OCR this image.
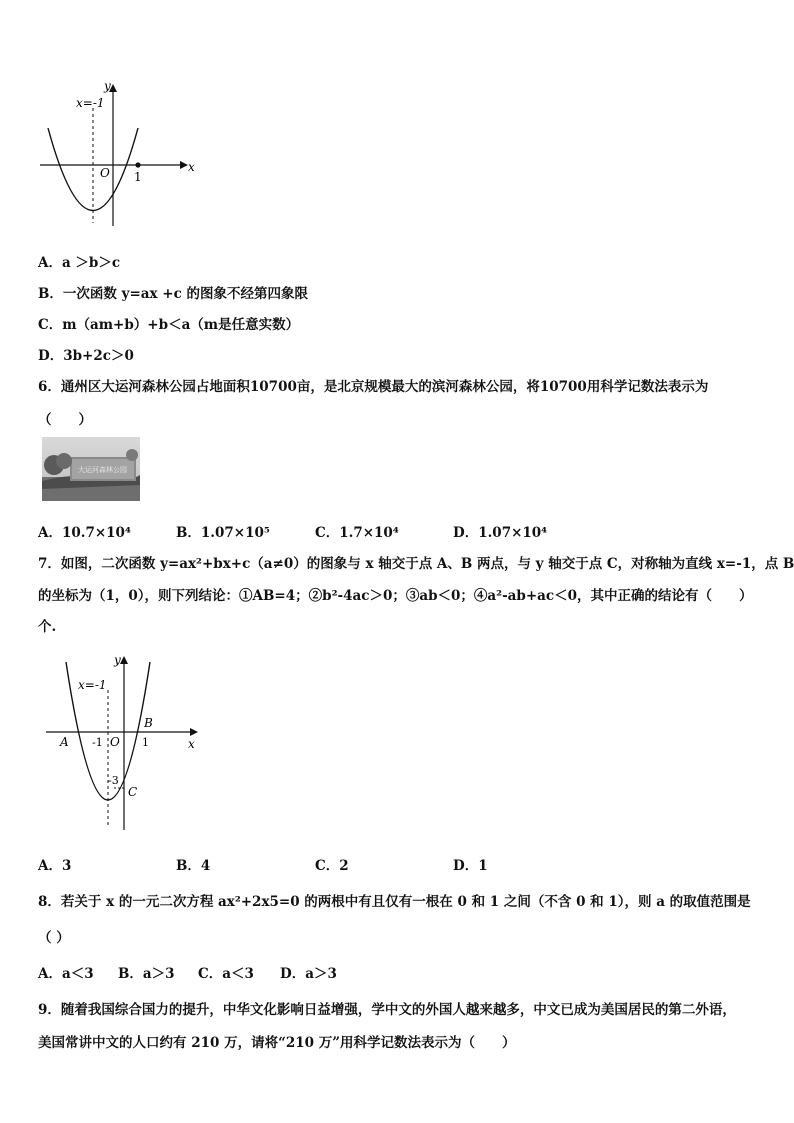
x=-1
y
x
O 1
A．a ＞b＞c
B．一次函数 y=ax +c 的图象不经第四象限
C．m（am+b）+b＜a（m是任意实数）
D．3b+2c＞0
6．通州区大运河森林公园占地面积10700亩，是北京规模最大的滨河森林公园，将10700用科学记数法表示为
（　　）
大运河森林公园
A．10.7×10⁴	B．1.07×10⁵	C．1.7×10⁴	D．1.07×10⁴
7．如图，二次函数 y=ax²+bx+c（a≠0）的图象与 x 轴交于点 A、B 两点，与 y 轴交于点 C，对称轴为直线 x=-1，点 B
的坐标为（1，0），则下列结论：①AB=4；②b²-4ac＞0；③ab＜0；④a²-ab+ac＜0，其中正确的结论有（　　）
个.
x=-1
y
x
A
B
C
O
-1	1
-3
A．3	B．4	C．2	D．1
8．若关于 x 的一元二次方程 ax²+2x5=0 的两根中有且仅有一根在 0 和 1 之间（不含 0 和 1），则 a 的取值范围是
（ ）
A．a＜3 B．a＞3 C．a＜3 D．a＞3
9．随着我国综合国力的提升，中华文化影响日益增强，学中文的外国人越来越多，中文已成为美国居民的第二外语，
美国常讲中文的人口约有 210 万，请将“210 万”用科学记数法表示为（　　）
